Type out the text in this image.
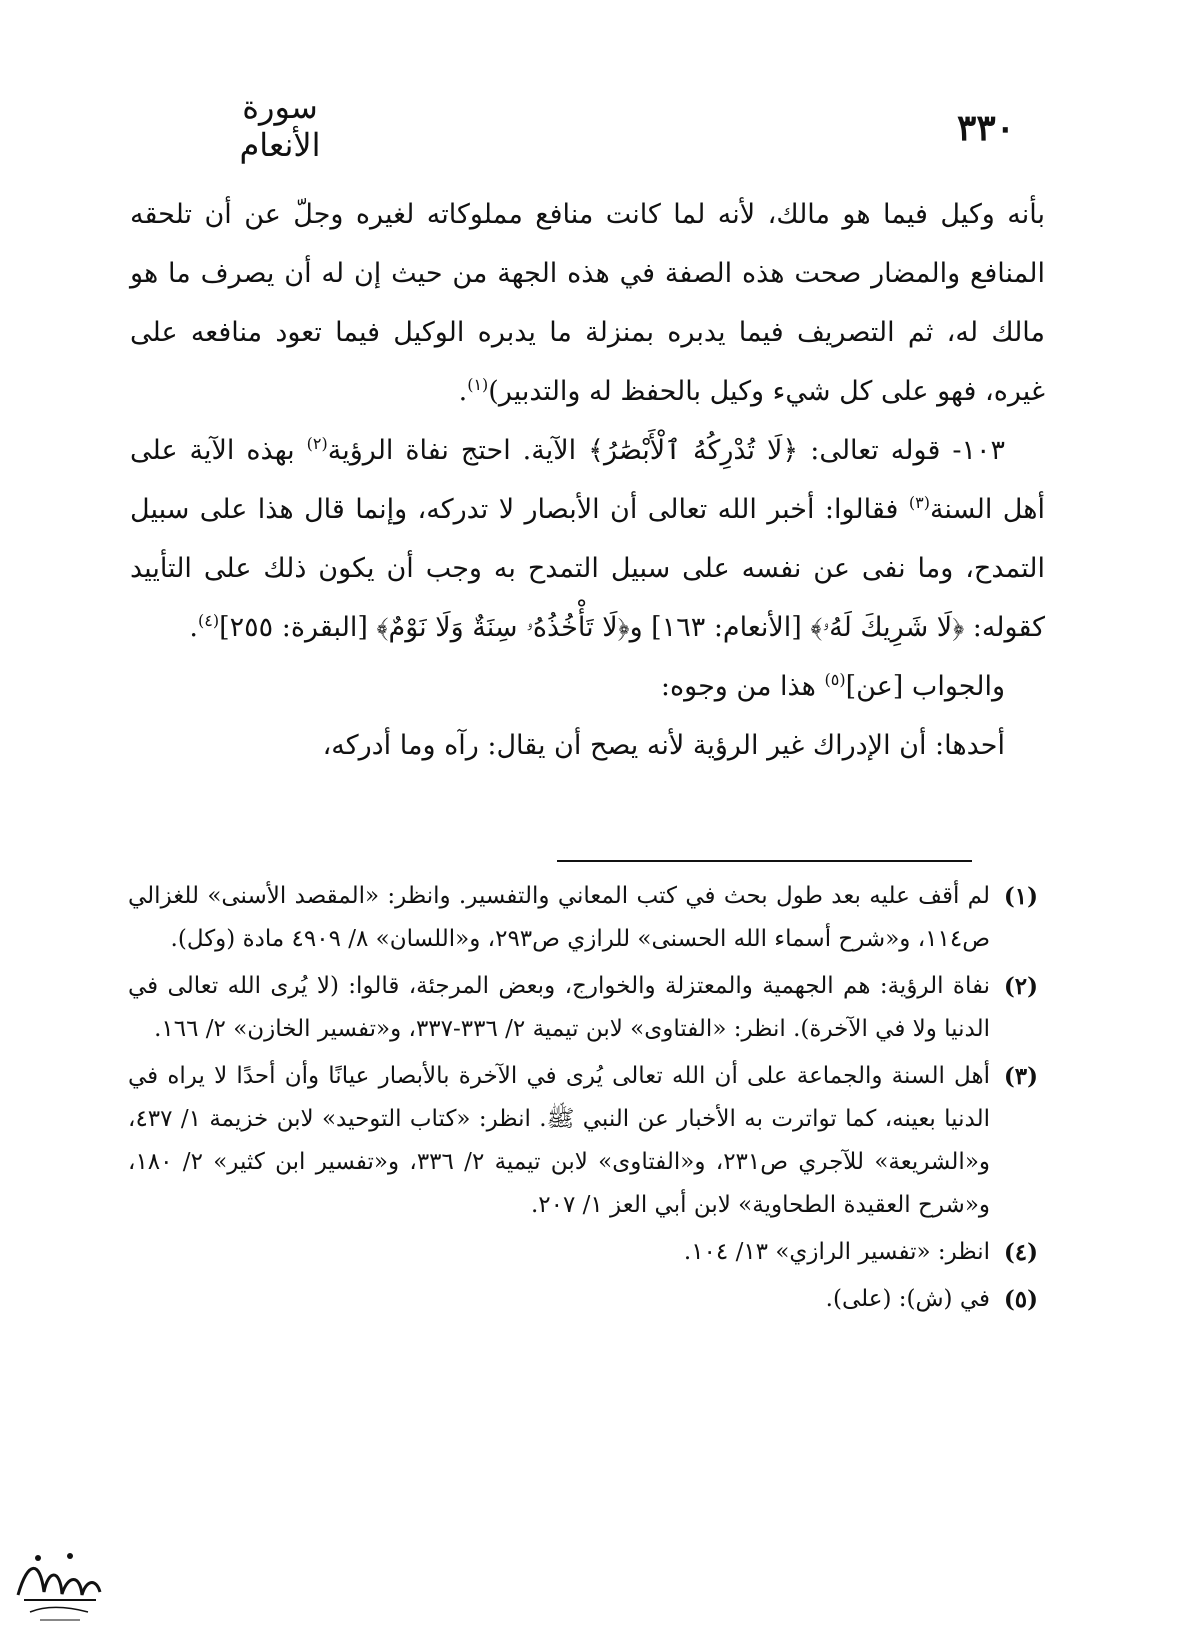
سورة الأنعام	٣٣٠

بأنه وكيل فيما هو مالك، لأنه لما كانت منافع مملوكاته لغيره وجلّ عن أن تلحقه المنافع والمضار صحت هذه الصفة في هذه الجهة من حيث إن له أن يصرف ما هو مالك له، ثم التصريف فيما يدبره بمنزلة ما يدبره الوكيل فيما تعود منافعه على غيره، فهو على كل شيء وكيل بالحفظ له والتدبير)$^{(١)}$.

١٠٣- قوله تعالى: ﴿لَا تُدْرِكُهُ ٱلْأَبْصَٰرُ﴾ الآية. احتج نفاة الرؤية$^{(٢)}$ بهذه الآية على أهل السنة$^{(٣)}$ فقالوا: أخبر الله تعالى أن الأبصار لا تدركه، وإنما قال هذا على سبيل التمدح، وما نفى عن نفسه على سبيل التمدح به وجب أن يكون ذلك على التأييد كقوله: ﴿لَا شَرِيكَ لَهُۥ﴾ [الأنعام: ١٦٣] و﴿لَا تَأْخُذُهُۥ سِنَةٌ وَلَا نَوْمٌ﴾ [البقرة: ٢٥٥]$^{(٤)}$.

والجواب [عن]$^{(٥)}$ هذا من وجوه:

أحدها: أن الإدراك غير الرؤية لأنه يصح أن يقال: رآه وما أدركه،

(١)
لم أقف عليه بعد طول بحث في كتب المعاني والتفسير. وانظر: «المقصد الأسنى» للغزالي ص١١٤، و«شرح أسماء الله الحسنى» للرازي ص٢٩٣، و«اللسان» ٨/ ٤٩٠٩ مادة (وكل).
(٢)
نفاة الرؤية: هم الجهمية والمعتزلة والخوارج، وبعض المرجئة، قالوا: (لا يُرى الله تعالى في الدنيا ولا في الآخرة). انظر: «الفتاوى» لابن تيمية ٢/ ٣٣٦-٣٣٧، و«تفسير الخازن» ٢/ ١٦٦.
(٣)
أهل السنة والجماعة على أن الله تعالى يُرى في الآخرة بالأبصار عيانًا وأن أحدًا لا يراه في الدنيا بعينه، كما تواترت به الأخبار عن النبي ﷺ. انظر: «كتاب التوحيد» لابن خزيمة ١/ ٤٣٧، و«الشريعة» للآجري ص٢٣١، و«الفتاوى» لابن تيمية ٢/ ٣٣٦، و«تفسير ابن كثير» ٢/ ١٨٠، و«شرح العقيدة الطحاوية» لابن أبي العز ١/ ٢٠٧.
(٤)
انظر: «تفسير الرازي» ١٣/ ١٠٤.
(٥)
في (ش): (على).
